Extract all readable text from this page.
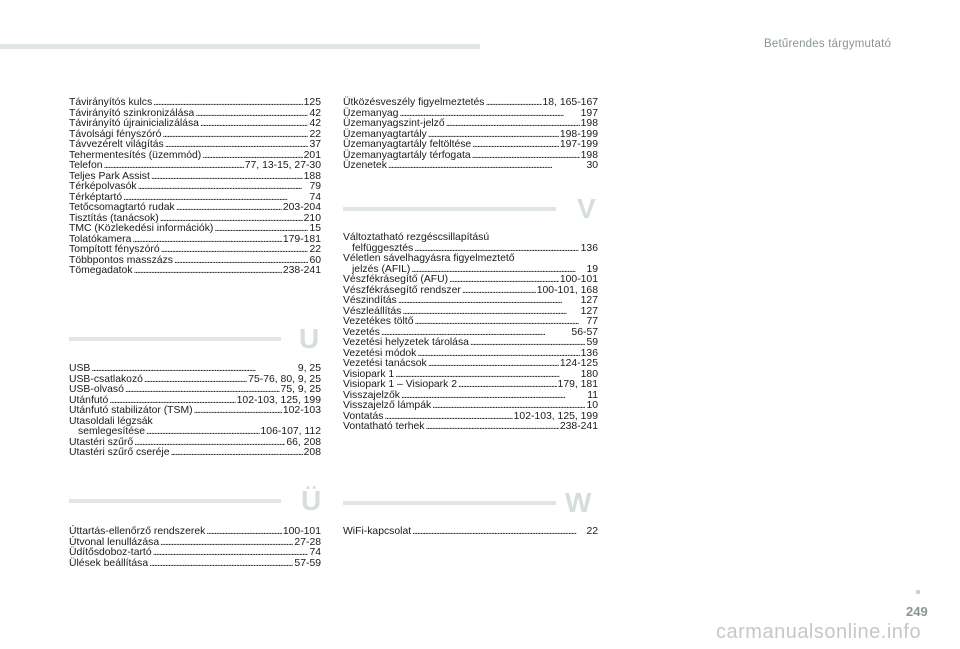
Betűrendes tárgymutató
Távirányítós kulcs . . .	125
Távirányító szinkronizálása . . .	42
Távirányító újrainicializálása . . .	42
Távolsági fényszóró . . .	22
Távvezérelt világítás . . .	37
Tehermentesítés (üzemmód) . . .	201
Telefon . . .	77, 13-15, 27-30
Teljes Park Assist . . .	188
Térképolvasók . . .	79
Térképtartó . . .	74
Tetőcsomagtartó rudak . . .	203-204
Tisztítás (tanácsok) . . .	210
TMC (Közlekedési információk) . . .	15
Tolatókamera . . .	179-181
Tompított fényszóró . . .	22
Többpontos masszázs . . .	60
Tömegadatok . . .	238-241
U
USB . . .	9, 25
USB-csatlakozó . . .	75-76, 80, 9, 25
USB-olvasó . . .	75, 9, 25
Utánfutó . . .	102-103, 125, 199
Utánfutó stabilizátor (TSM) . . .	102-103
Utasoldali légzsák
semlegesítése . . .	106-107, 112
Utastéri szűrő . . .	66, 208
Utastéri szűrő cseréje . . .	208
Ü
Úttartás-ellenőrző rendszerek . . .	100-101
Útvonal lenullázása . . .	27-28
Üdítősdoboz-tartó . . .	74
Ülések beállítása . . .	57-59
Ütközésveszély figyelmeztetés . . .	18, 165-167
Üzemanyag . . .	197
Üzemanyagszint-jelző . . .	198
Üzemanyagtartály . . .	198-199
Üzemanyagtartály feltöltése . . .	197-199
Üzemanyagtartály térfogata . . .	198
Üzenetek . . .	30
V
Változtatható rezgéscsillapítású
felfüggesztés . . .	136
Véletlen sávelhagyásra figyelmeztető
jelzés (AFIL) . . .	19
Vészfékrásegítő (AFU) . . .	100-101
Vészfékrásegítő rendszer . . .	100-101, 168
Vészindítás . . .	127
Vészleállítás . . .	127
Vezetékes töltő . . .	77
Vezetés . . .	56-57
Vezetési helyzetek tárolása . . .	59
Vezetési módok . . .	136
Vezetési tanácsok . . .	124-125
Visiopark 1 . . .	180
Visiopark 1 – Visiopark 2 . . .	179, 181
Visszajelzők . . .	11
Visszajelző lámpák . . .	10
Vontatás . . .	102-103, 125, 199
Vontatható terhek . . .	238-241
W
WiFi-kapcsolat . . .	22
249
carmanualsonline.info
